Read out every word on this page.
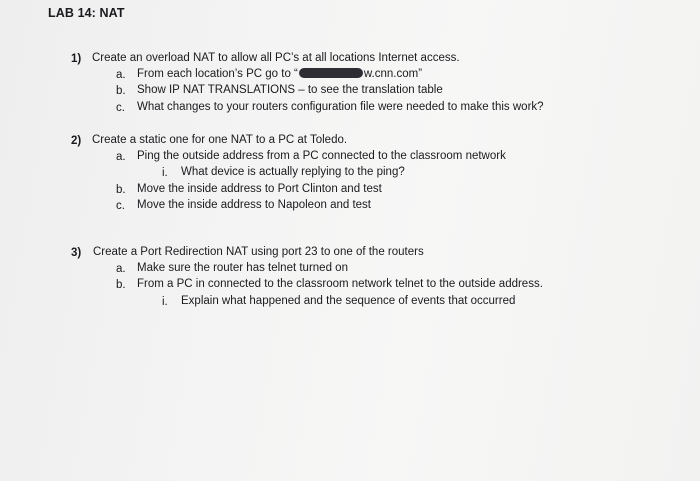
LAB 14: NAT
1) Create an overload NAT to allow all PC’s at all locations Internet access.
a. From each location’s PC go to “	w.cnn.com”
b. Show IP NAT TRANSLATIONS – to see the translation table
c. What changes to your routers configuration file were needed to make this work?
2) Create a static one for one NAT to a PC at Toledo.
a. Ping the outside address from a PC connected to the classroom network
i. What device is actually replying to the ping?
b. Move the inside address to Port Clinton and test
c. Move the inside address to Napoleon and test
3) Create a Port Redirection NAT using port 23 to one of the routers
a. Make sure the router has telnet turned on
b. From a PC in connected to the classroom network telnet to the outside address.
i. Explain what happened and the sequence of events that occurred
